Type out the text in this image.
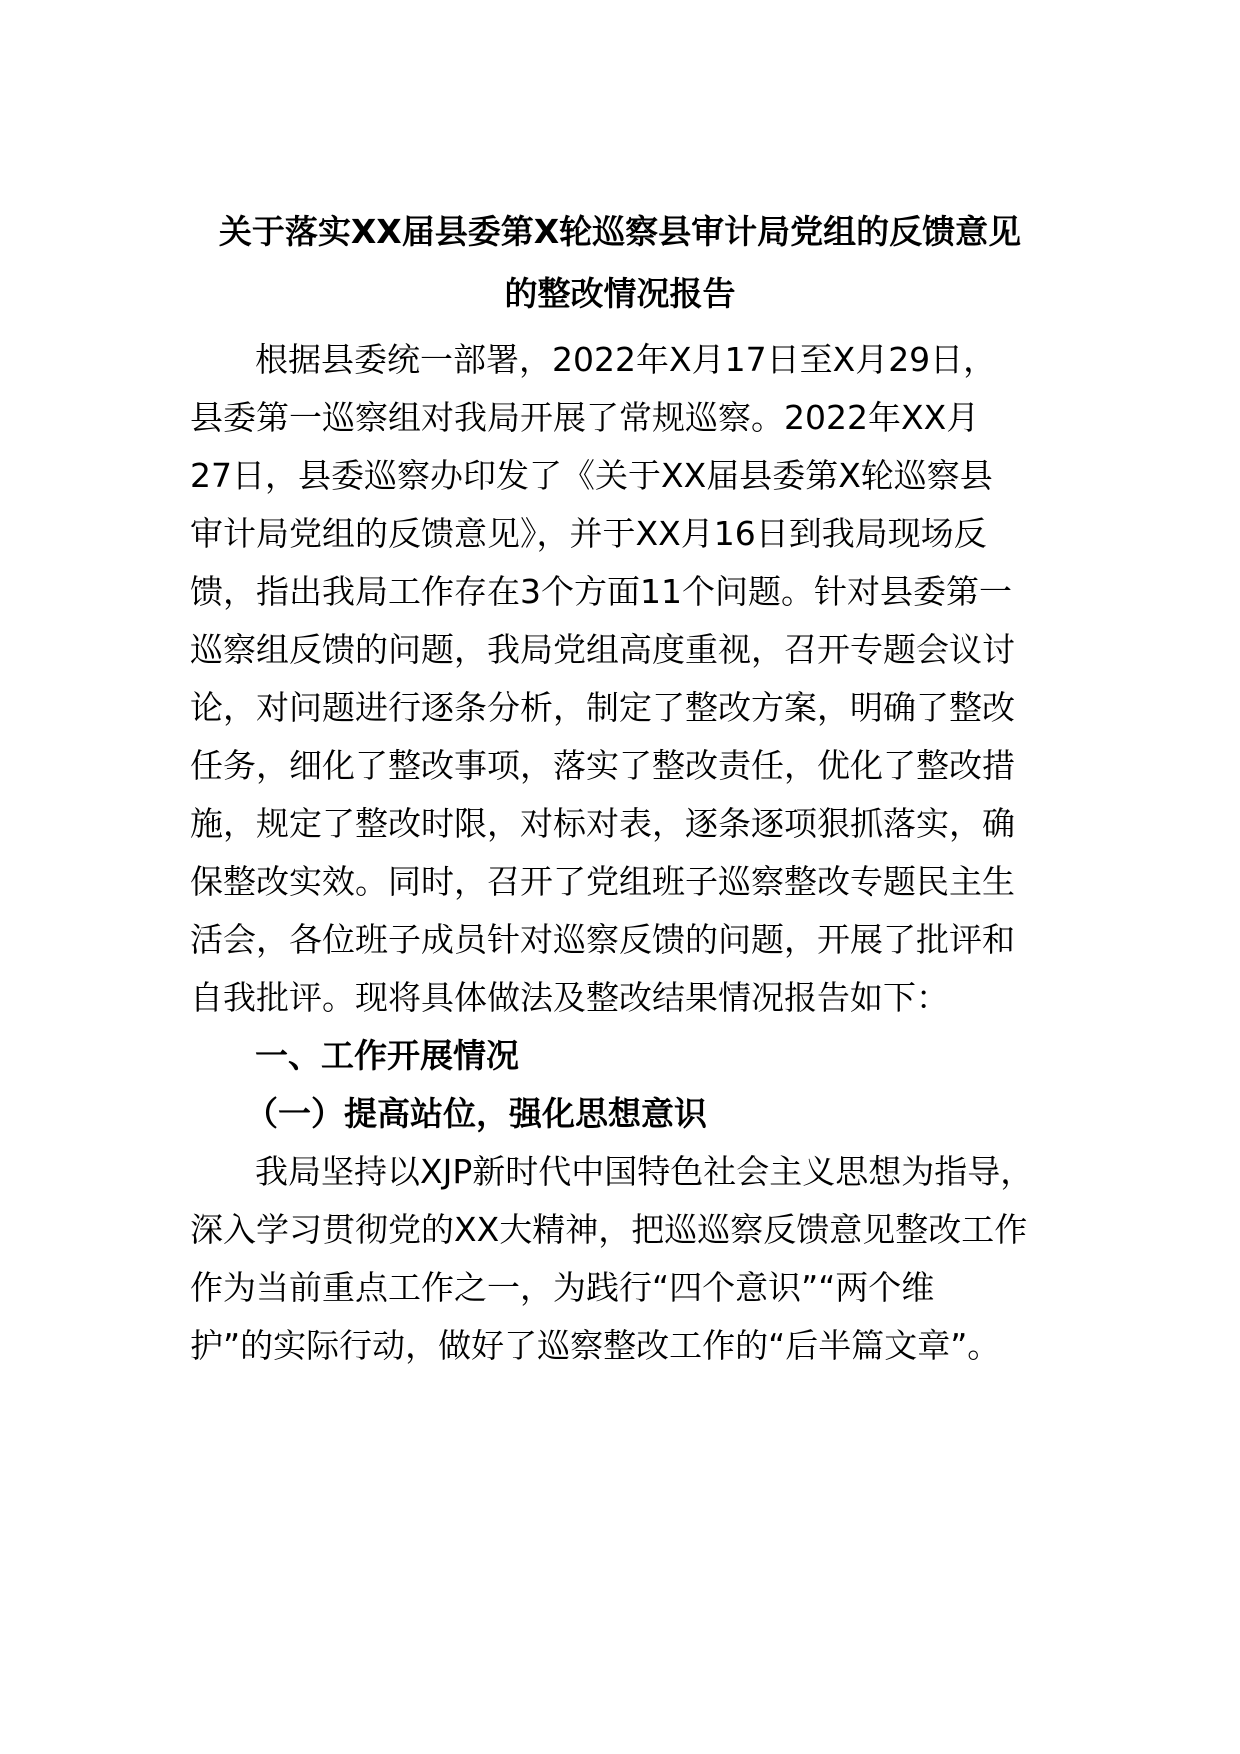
关于落实XX届县委第X轮巡察县审计局党组的反馈意见
的整改情况报告
根据县委统一部署，2022年X月17日至X月29日，
县委第一巡察组对我局开展了常规巡察。2022年XX月
27日，县委巡察办印发了《关于XX届县委第X轮巡察县
审计局党组的反馈意见》，并于XX月16日到我局现场反
馈，指出我局工作存在3个方面11个问题。针对县委第一
巡察组反馈的问题，我局党组高度重视，召开专题会议讨
论，对问题进行逐条分析，制定了整改方案，明确了整改
任务，细化了整改事项，落实了整改责任，优化了整改措
施，规定了整改时限，对标对表，逐条逐项狠抓落实，确
保整改实效。同时，召开了党组班子巡察整改专题民主生
活会，各位班子成员针对巡察反馈的问题，开展了批评和
自我批评。现将具体做法及整改结果情况报告如下：
一、工作开展情况
（一）提高站位，强化思想意识
我局坚持以XJP新时代中国特色社会主义思想为指导，
深入学习贯彻党的XX大精神，把巡巡察反馈意见整改工作
作为当前重点工作之一，为践行“四个意识”“两个维
护”的实际行动，做好了巡察整改工作的“后半篇文章”。
